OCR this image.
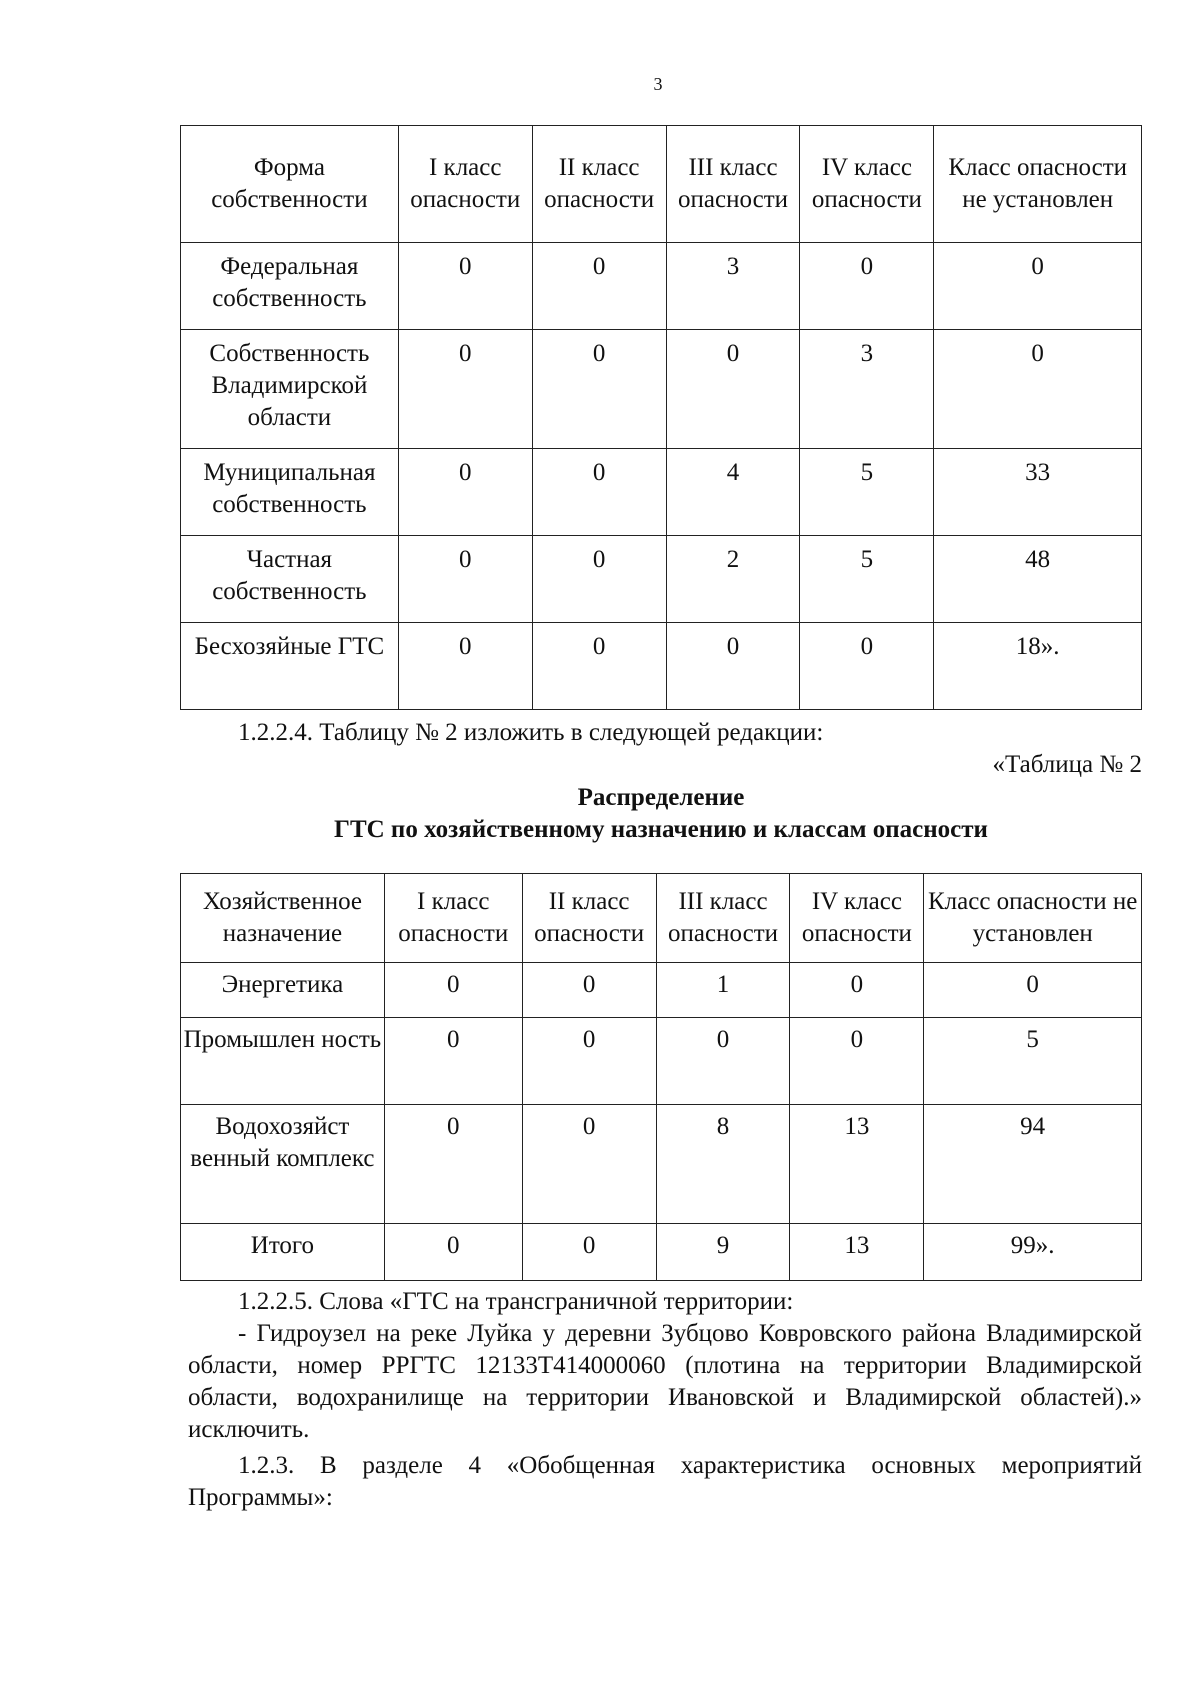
3
Форма собственности	I класс опасности	II класс опасности	III класс опасности	IV класс опасности	Класс опасности не установлен
Федеральная собственность	0	0	3	0	0
Собственность Владимирской области	0	0	0	3	0
Муниципальная собственность	0	0	4	5	33
Частная собственность	0	0	2	5	48
Бесхозяйные ГТС	0	0	0	0	18».
1.2.2.4. Таблицу № 2 изложить в следующей редакции:
«Таблица № 2
Распределение
ГТС по хозяйственному назначению и классам опасности
Хозяйственное назначение	I класс опасности	II класс опасности	III класс опасности	IV класс опасности	Класс опасности не установлен
Энергетика	0	0	1	0	0
Промышлен ность	0	0	0	0	5
Водохозяйст венный комплекс	0	0	8	13	94
Итого	0	0	9	13	99».
1.2.2.5. Слова «ГТС на трансграничной территории:
- Гидроузел на реке Луйка у деревни Зубцово Ковровского района Владимирской области, номер РРГТС 12133Т414000060 (плотина на территории Владимирской области, водохранилище на территории Ивановской и Владимирской областей).» исключить.
1.2.3. В разделе 4 «Обобщенная характеристика основных мероприятий Программы»:
